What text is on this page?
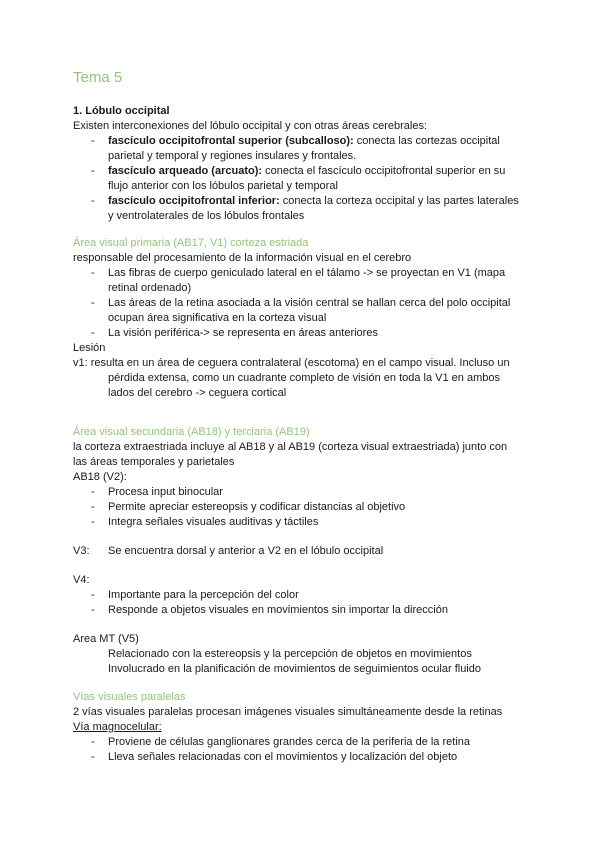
Tema 5
1. Lóbulo occipital
Existen interconexiones del lóbulo occipital y con otras áreas cerebrales:
- fascículo occipitofrontal superior (subcalloso): conecta las cortezas occipital
parietal y temporal y regiones insulares y frontales.
- fascículo arqueado (arcuato): conecta el fascículo occipitofrontal superior en su
flujo anterior con los lóbulos parietal y temporal
- fascículo occipitofrontal inferior: conecta la corteza occipital y las partes laterales
y ventrolaterales de los lóbulos frontales
Área visual primaria (AB17, V1) corteza estriada
responsable del procesamiento de la información visual en el cerebro
- Las fibras de cuerpo geniculado lateral en el tálamo -> se proyectan en V1 (mapa
retinal ordenado)
- Las áreas de la retina asociada a la visión central se hallan cerca del polo occipital
ocupan área significativa en la corteza visual
- La visión periférica-> se representa en áreas anteriores
Lesión
v1: resulta en un área de ceguera contralateral (escotoma) en el campo visual. Incluso un
pérdida extensa, como un cuadrante completo de visión en toda la V1 en ambos
lados del cerebro -> ceguera cortical
Área visual secundaria (AB18) y terciaria (AB19)
la corteza extraestriada incluye al AB18 y al AB19 (corteza visual extraestriada) junto con
las áreas temporales y parietales
AB18 (V2):
- Procesa input binocular
- Permite apreciar estereopsis y codificar distancias al objetivo
- Integra señales visuales auditivas y táctiles
V3: Se encuentra dorsal y anterior a V2 en el lóbulo occipital
V4:
- Importante para la percepción del color
- Responde a objetos visuales en movimientos sin importar la dirección
Area MT (V5)
Relacionado con la estereopsis y la percepción de objetos en movimientos
Involucrado en la planificación de movimientos de seguimientos ocular fluido
Vías visuales paralelas
2 vías visuales paralelas procesan imágenes visuales simultáneamente desde la retinas
Vía magnocelular:
- Proviene de células ganglionares grandes cerca de la periferia de la retina
- Lleva señales relacionadas con el movimientos y localización del objeto
